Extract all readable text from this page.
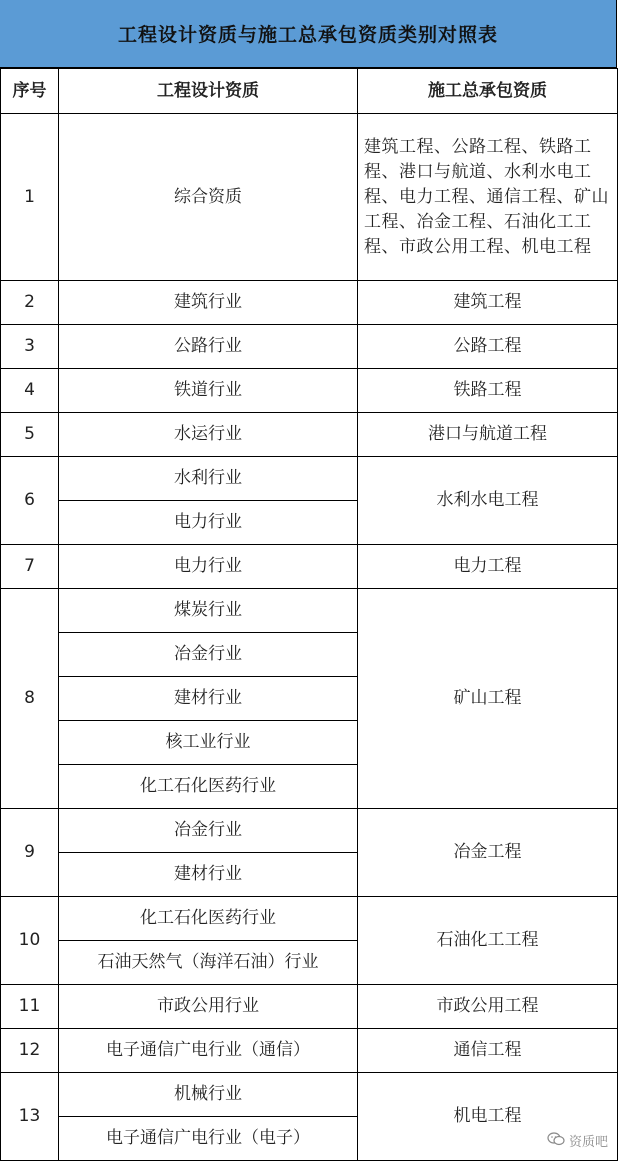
工程设计资质与施工总承包资质类别对照表
序号	工程设计资质	施工总承包资质
1	综合资质	建筑工程、公路工程、铁路工程、港口与航道、水利水电工程、电力工程、通信工程、矿山工程、冶金工程、石油化工工程、市政公用工程、机电工程
2	建筑行业	建筑工程
3	公路行业	公路工程
4	铁道行业	铁路工程
5	水运行业	港口与航道工程
6	水利行业	水利水电工程
	电力行业	
7	电力行业	电力工程
8	煤炭行业	矿山工程
	冶金行业	
	建材行业	
	核工业行业	
	化工石化医药行业	
9	冶金行业	冶金工程
	建材行业	
10	化工石化医药行业	石油化工工程
	石油天然气（海洋石油）行业	
11	市政公用行业	市政公用工程
12	电子通信广电行业（通信）	通信工程
13	机械行业	机电工程
	电子通信广电行业（电子）		资质吧
